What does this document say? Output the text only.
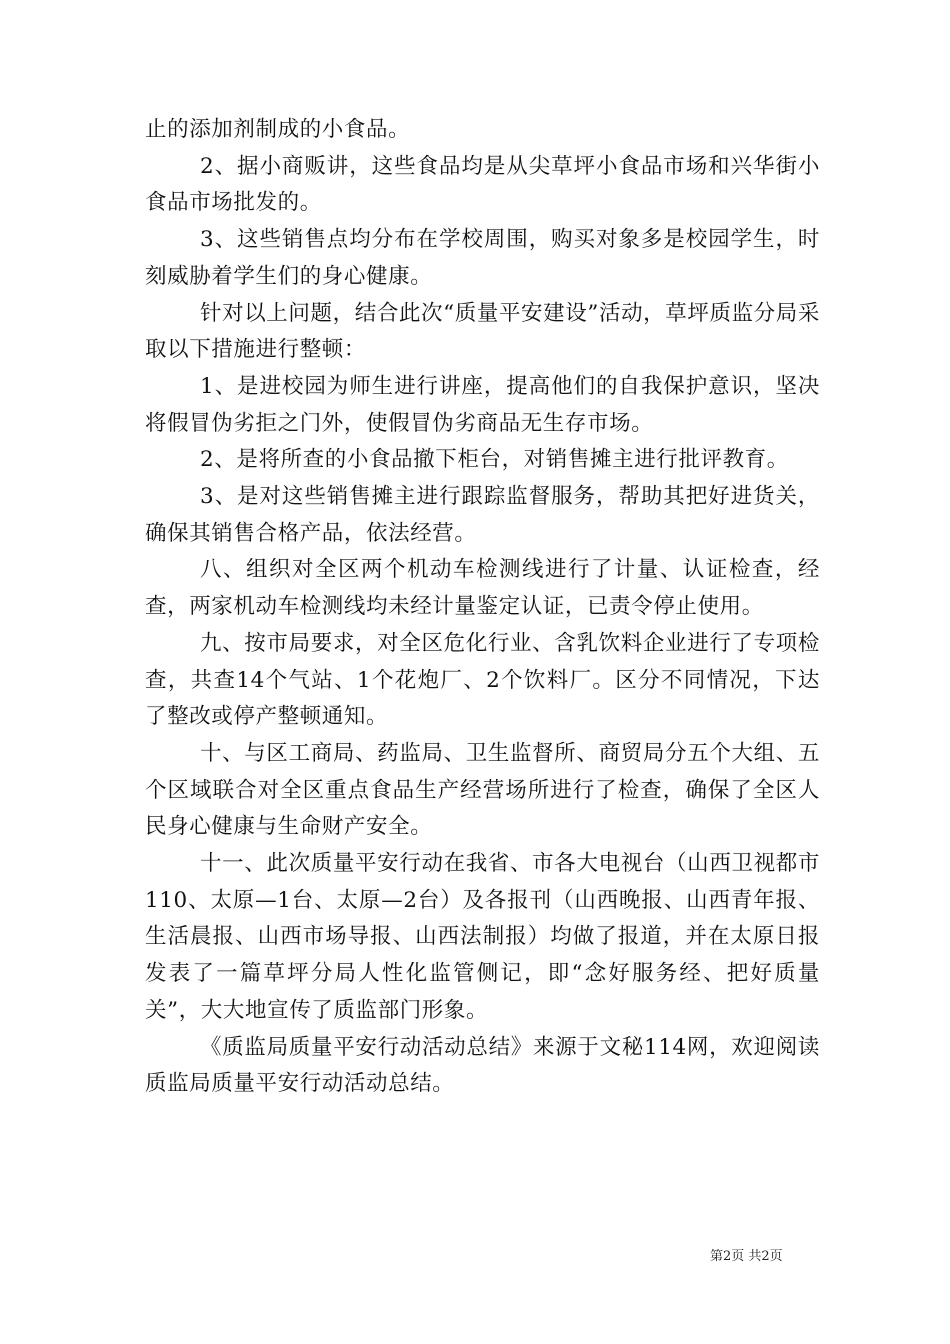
止的添加剂制成的小食品。

2、据小商贩讲，这些食品均是从尖草坪小食品市场和兴华街小食品市场批发的。

3、这些销售点均分布在学校周围，购买对象多是校园学生，时刻威胁着学生们的身心健康。

针对以上问题，结合此次“质量平安建设”活动，草坪质监分局采取以下措施进行整顿：

1、是进校园为师生进行讲座，提高他们的自我保护意识，坚决将假冒伪劣拒之门外，使假冒伪劣商品无生存市场。

2、是将所查的小食品撤下柜台，对销售摊主进行批评教育。

3、是对这些销售摊主进行跟踪监督服务，帮助其把好进货关，确保其销售合格产品，依法经营。

八、组织对全区两个机动车检测线进行了计量、认证检查，经查，两家机动车检测线均未经计量鉴定认证，已责令停止使用。

九、按市局要求，对全区危化行业、含乳饮料企业进行了专项检查，共查14个气站、1个花炮厂、2个饮料厂。区分不同情况，下达了整改或停产整顿通知。

十、与区工商局、药监局、卫生监督所、商贸局分五个大组、五个区域联合对全区重点食品生产经营场所进行了检查，确保了全区人民身心健康与生命财产安全。

十一、此次质量平安行动在我省、市各大电视台（山西卫视都市110、太原—1台、太原—2台）及各报刊（山西晚报、山西青年报、生活晨报、山西市场导报、山西法制报）均做了报道，并在太原日报发表了一篇草坪分局人性化监管侧记，即“念好服务经、把好质量关”，大大地宣传了质监部门形象。

《质监局质量平安行动活动总结》来源于文秘114网，欢迎阅读质监局质量平安行动活动总结。

第2页 共2页
